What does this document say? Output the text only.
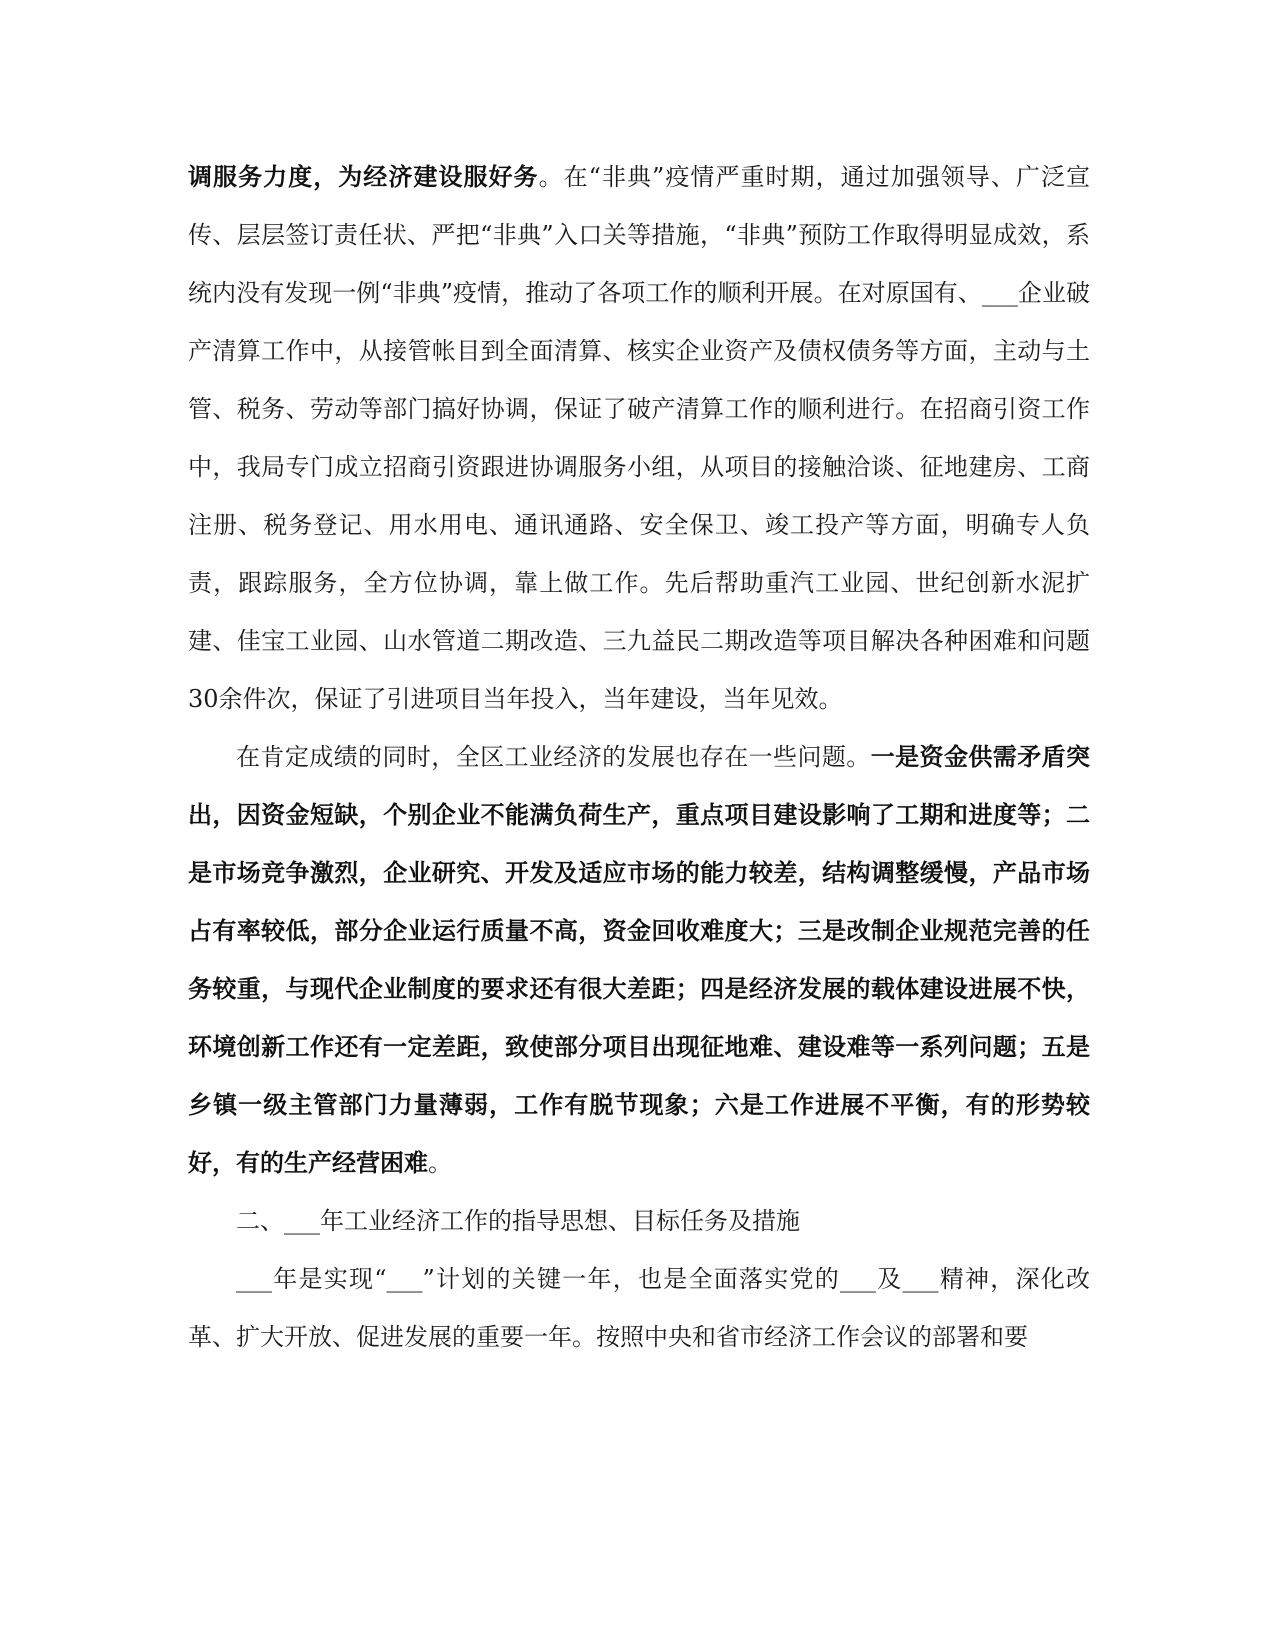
调服务力度，为经济建设服好务。在“非典”疫情严重时期，通过加强领导、广泛宣传、层层签订责任状、严把“非典”入口关等措施，“非典”预防工作取得明显成效，系统内没有发现一例“非典”疫情，推动了各项工作的顺利开展。在对原国有、___企业破产清算工作中，从接管帐目到全面清算、核实企业资产及债权债务等方面，主动与土管、税务、劳动等部门搞好协调，保证了破产清算工作的顺利进行。在招商引资工作中，我局专门成立招商引资跟进协调服务小组，从项目的接触洽谈、征地建房、工商注册、税务登记、用水用电、通讯通路、安全保卫、竣工投产等方面，明确专人负责，跟踪服务，全方位协调，靠上做工作。先后帮助重汽工业园、世纪创新水泥扩建、佳宝工业园、山水管道二期改造、三九益民二期改造等项目解决各种困难和问题30余件次，保证了引进项目当年投入，当年建设，当年见效。

在肯定成绩的同时，全区工业经济的发展也存在一些问题。一是资金供需矛盾突出，因资金短缺，个别企业不能满负荷生产，重点项目建设影响了工期和进度等；二是市场竞争激烈，企业研究、开发及适应市场的能力较差，结构调整缓慢，产品市场占有率较低，部分企业运行质量不高，资金回收难度大；三是改制企业规范完善的任务较重，与现代企业制度的要求还有很大差距；四是经济发展的载体建设进展不快，环境创新工作还有一定差距，致使部分项目出现征地难、建设难等一系列问题；五是乡镇一级主管部门力量薄弱，工作有脱节现象；六是工作进展不平衡，有的形势较好，有的生产经营困难。

二、___年工业经济工作的指导思想、目标任务及措施

___年是实现“___”计划的关键一年，也是全面落实党的___及___精神，深化改革、扩大开放、促进发展的重要一年。按照中央和省市经济工作会议的部署和要
